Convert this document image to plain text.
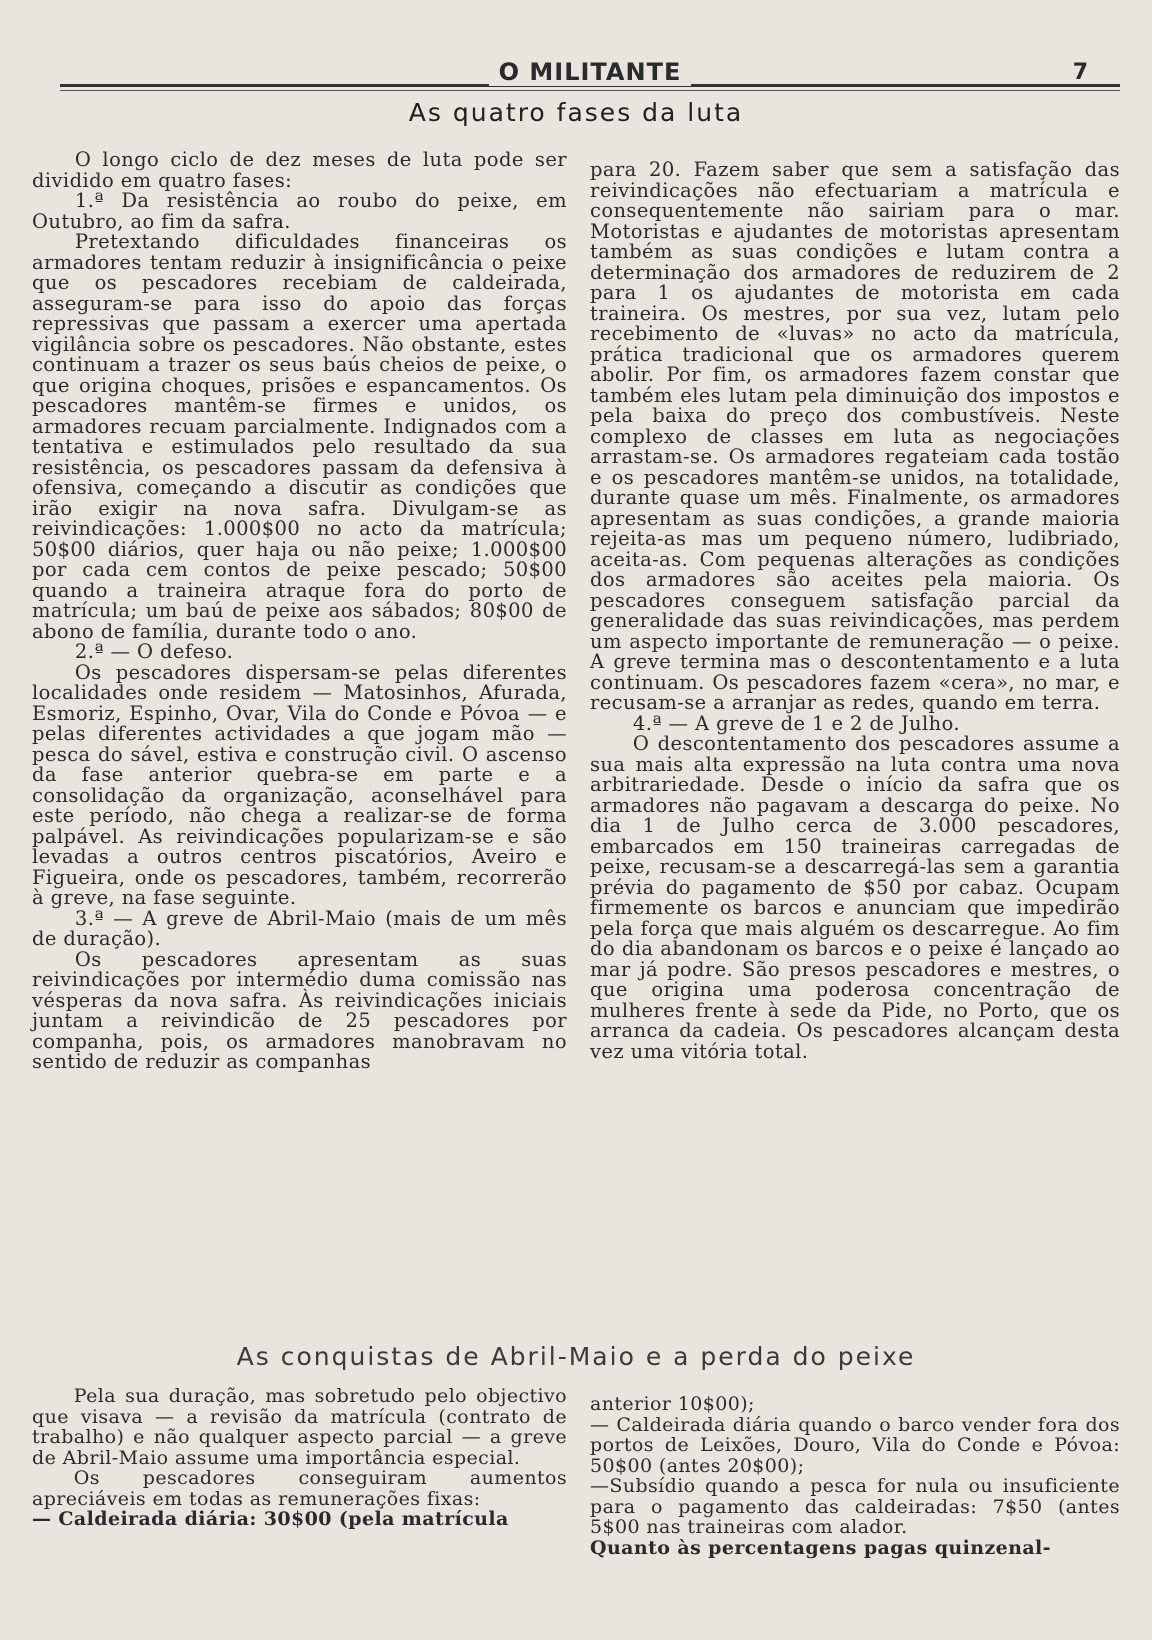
O MILITANTE	7
As quatro fases da luta

O longo ciclo de dez meses de luta pode ser dividido em quatro fases:

1.ª Da resistência ao roubo do peixe, em Outubro, ao fim da safra.

Pretextando dificuldades financeiras os armadores tentam reduzir à insignificância o peixe que os pescadores recebiam de caldeirada, asseguram-se para isso do apoio das forças repressivas que passam a exercer uma apertada vigilância sobre os pescadores. Não obstante, estes continuam a trazer os seus baús cheios de peixe, o que origina choques, prisões e espancamentos. Os pescadores mantêm-se firmes e unidos, os armadores recuam parcialmente. Indignados com a tentativa e estimulados pelo resultado da sua resistência, os pescadores passam da defensiva à ofensiva, começando a discutir as condições que irão exigir na nova safra. Divulgam-se as reivindicações: 1.000$00 no acto da matrícula; 50$00 diários, quer haja ou não peixe; 1.000$00 por cada cem contos de peixe pescado; 50$00 quando a traineira atraque fora do porto de matrícula; um baú de peixe aos sábados; 80$00 de abono de família, durante todo o ano.

2.ª — O defeso.

Os pescadores dispersam-se pelas diferentes localidades onde residem — Matosinhos, Afurada, Esmoriz, Espinho, Ovar, Vila do Conde e Póvoa — e pelas diferentes actividades a que jogam mão — pesca do sável, estiva e construção civil. O ascenso da fase anterior quebra-se em parte e a consolidação da organização, aconselhável para este período, não chega a realizar-se de forma palpável. As reivindicações popularizam-se e são levadas a outros centros piscatórios, Aveiro e Figueira, onde os pescadores, também, recorrerão à greve, na fase seguinte.

3.ª — A greve de Abril-Maio (mais de um mês de duração).

Os pescadores apresentam as suas reivindicações por intermédio duma comissão nas vésperas da nova safra. Às reivindicações iniciais juntam a reivindicão de 25 pescadores por companha, pois, os armadores manobravam no sentido de reduzir as companhas

para 20. Fazem saber que sem a satisfação das reivindicações não efectuariam a matrícula e consequentemente não sairiam para o mar. Motoristas e ajudantes de motoristas apresentam também as suas condições e lutam contra a determinação dos armadores de reduzirem de 2 para 1 os ajudantes de motorista em cada traineira. Os mestres, por sua vez, lutam pelo recebimento de «luvas» no acto da matrícula, prática tradicional que os armadores querem abolir. Por fim, os armadores fazem constar que também eles lutam pela diminuição dos impostos e pela baixa do preço dos combustíveis. Neste complexo de classes em luta as negociações arrastam-se. Os armadores regateiam cada tostão e os pescadores mantêm-se unidos, na totalidade, durante quase um mês. Finalmente, os armadores apresentam as suas condições, a grande maioria rejeita-as mas um pequeno número, ludibriado, aceita-as. Com pequenas alterações as condições dos armadores são aceites pela maioria. Os pescadores conseguem satisfação parcial da generalidade das suas reivindicações, mas perdem um aspecto importante de remuneração — o peixe. A greve termina mas o descontentamento e a luta continuam. Os pescadores fazem «cera», no mar, e recusam-se a arranjar as redes, quando em terra.

4.ª — A greve de 1 e 2 de Julho.

O descontentamento dos pescadores assume a sua mais alta expressão na luta contra uma nova arbitrariedade. Desde o início da safra que os armadores não pagavam a descarga do peixe. No dia 1 de Julho cerca de 3.000 pescadores, embarcados em 150 traineiras carregadas de peixe, recusam-se a descarregá-las sem a garantia prévia do pagamento de $50 por cabaz. Ocupam firmemente os barcos e anunciam que impedirão pela força que mais alguém os descarregue. Ao fim do dia abandonam os barcos e o peixe é lançado ao mar já podre. São presos pescadores e mestres, o que origina uma poderosa concentração de mulheres frente à sede da Pide, no Porto, que os arranca da cadeia. Os pescadores alcançam desta vez uma vitória total.

As conquistas de Abril-Maio e a perda do peixe

Pela sua duração, mas sobretudo pelo objectivo que visava — a revisão da matrícula (contrato de trabalho) e não qualquer aspecto parcial — a greve de Abril-Maio assume uma importância especial.

Os pescadores conseguiram aumentos apreciáveis em todas as remunerações fixas:

— Caldeirada diária: 30$00 (pela matrícula

anterior 10$00);

— Caldeirada diária quando o barco vender fora dos portos de Leixões, Douro, Vila do Conde e Póvoa: 50$00 (antes 20$00);

—Subsídio quando a pesca for nula ou insuficiente para o pagamento das caldeiradas: 7$50 (antes 5$00 nas traineiras com alador.

Quanto às percentagens pagas quinzenal-
